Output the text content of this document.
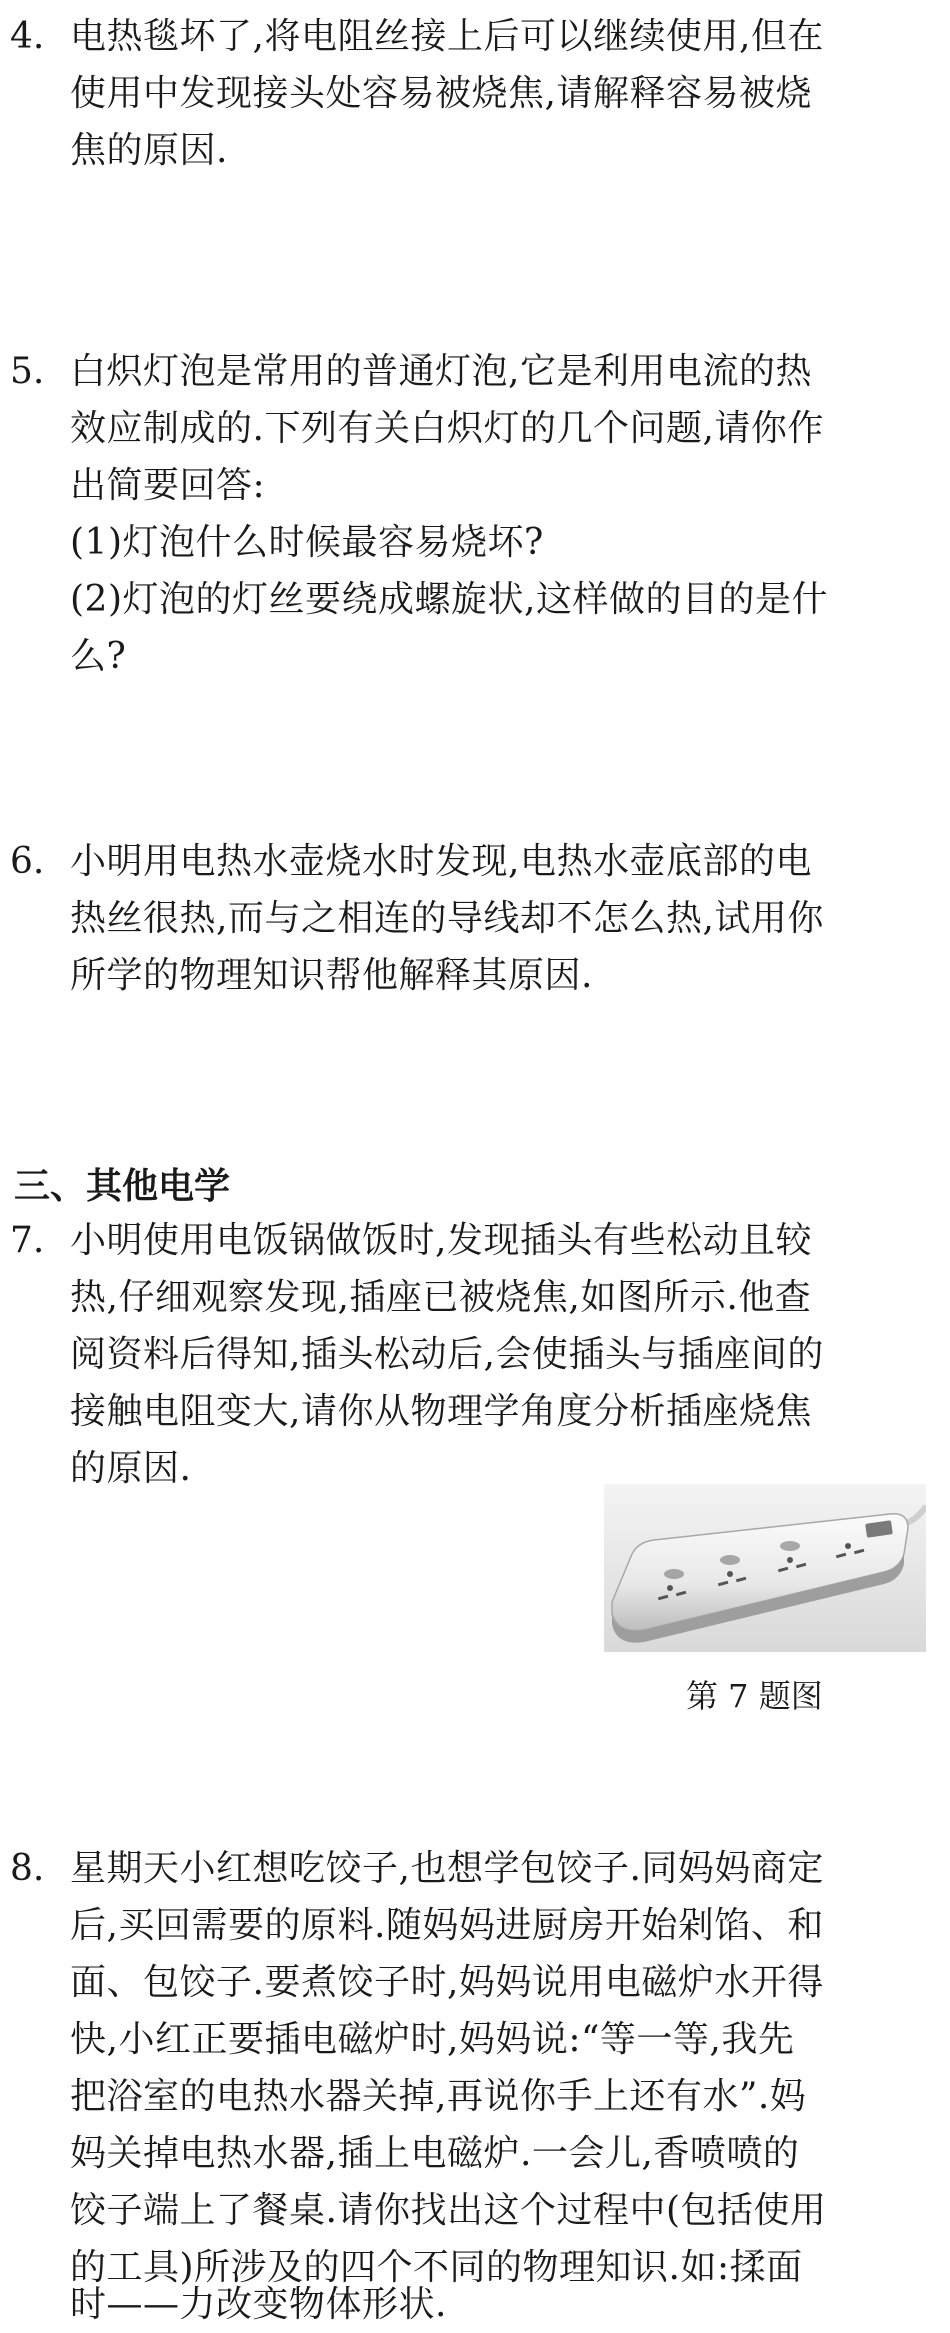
4. 电热毯坏了,将电阻丝接上后可以继续使用,但在
使用中发现接头处容易被烧焦,请解释容易被烧
焦的原因.
5. 白炽灯泡是常用的普通灯泡,它是利用电流的热
效应制成的.下列有关白炽灯的几个问题,请你作
出简要回答:
(1)灯泡什么时候最容易烧坏?
(2)灯泡的灯丝要绕成螺旋状,这样做的目的是什
么?
6. 小明用电热水壶烧水时发现,电热水壶底部的电
热丝很热,而与之相连的导线却不怎么热,试用你
所学的物理知识帮他解释其原因.
三、其他电学
7. 小明使用电饭锅做饭时,发现插头有些松动且较
热,仔细观察发现,插座已被烧焦,如图所示.他查
阅资料后得知,插头松动后,会使插头与插座间的
接触电阻变大,请你从物理学角度分析插座烧焦
的原因.
第 7 题图
8. 星期天小红想吃饺子,也想学包饺子.同妈妈商定
后,买回需要的原料.随妈妈进厨房开始剁馅、和
面、包饺子.要煮饺子时,妈妈说用电磁炉水开得
快,小红正要插电磁炉时,妈妈说:“等一等,我先
把浴室的电热水器关掉,再说你手上还有水”.妈
妈关掉电热水器,插上电磁炉.一会儿,香喷喷的
饺子端上了餐桌.请你找出这个过程中(包括使用
的工具)所涉及的四个不同的物理知识.如:揉面
时——力改变物体形状.
